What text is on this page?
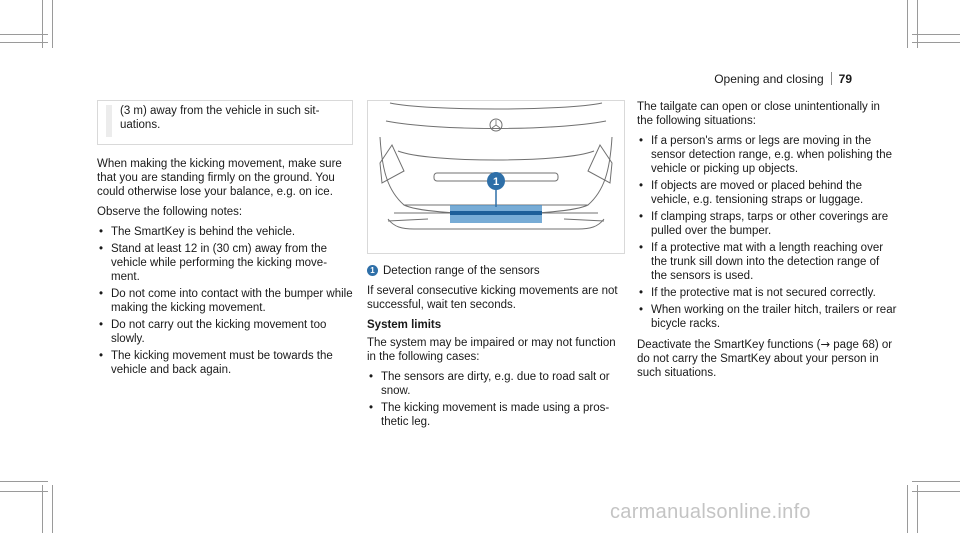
Opening and closing 79
(3 m) away from the vehicle in such sit-
uations.

When making the kicking movement, make sure that you are standing firmly on the ground. You could otherwise lose your balance, e.g. on ice.

Observe the following notes:

• The SmartKey is behind the vehicle.
• Stand at least 12 in (30 cm) away from the vehicle while performing the kicking move-ment.
• Do not come into contact with the bumper while making the kicking movement.
• Do not carry out the kicking movement too slowly.
• The kicking movement must be towards the vehicle and back again.
1
1 Detection range of the sensors

If several consecutive kicking movements are not successful, wait ten seconds.

System limits

The system may be impaired or may not function in the following cases:

• The sensors are dirty, e.g. due to road salt or snow.
• The kicking movement is made using a pros-thetic leg.

The tailgate can open or close unintentionally in the following situations:

• If a person's arms or legs are moving in the sensor detection range, e.g. when polishing the vehicle or picking up objects.
• If objects are moved or placed behind the vehicle, e.g. tensioning straps or luggage.
• If clamping straps, tarps or other coverings are pulled over the bumper.
• If a protective mat with a length reaching over the trunk sill down into the detection range of the sensors is used.
• If the protective mat is not secured correctly.
• When working on the trailer hitch, trailers or rear bicycle racks.

Deactivate the SmartKey functions (→ page 68) or do not carry the SmartKey about your person in such situations.

carmanualsonline.info
